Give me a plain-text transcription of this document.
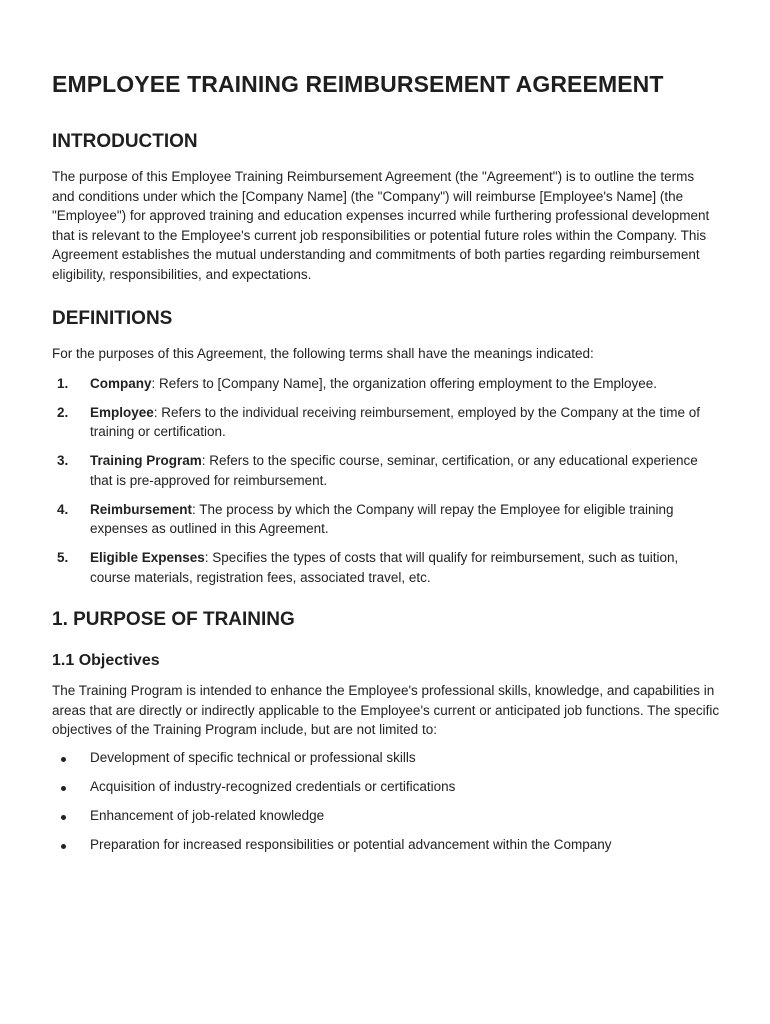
EMPLOYEE TRAINING REIMBURSEMENT AGREEMENT
INTRODUCTION

The purpose of this Employee Training Reimbursement Agreement (the "Agreement") is to outline the terms and conditions under which the [Company Name] (the "Company") will reimburse [Employee's Name] (the "Employee") for approved training and education expenses incurred while furthering professional development that is relevant to the Employee's current job responsibilities or potential future roles within the Company. This Agreement establishes the mutual understanding and commitments of both parties regarding reimbursement eligibility, responsibilities, and expectations.

DEFINITIONS

For the purposes of this Agreement, the following terms shall have the meanings indicated:

1. Company: Refers to [Company Name], the organization offering employment to the Employee.
2. Employee: Refers to the individual receiving reimbursement, employed by the Company at the time of training or certification.
3. Training Program: Refers to the specific course, seminar, certification, or any educational experience that is pre-approved for reimbursement.
4. Reimbursement: The process by which the Company will repay the Employee for eligible training expenses as outlined in this Agreement.
5. Eligible Expenses: Specifies the types of costs that will qualify for reimbursement, such as tuition, course materials, registration fees, associated travel, etc.
1. PURPOSE OF TRAINING
1.1 Objectives

The Training Program is intended to enhance the Employee's professional skills, knowledge, and capabilities in areas that are directly or indirectly applicable to the Employee's current or anticipated job functions. The specific objectives of the Training Program include, but are not limited to:

Development of specific technical or professional skills
Acquisition of industry-recognized credentials or certifications
Enhancement of job-related knowledge
Preparation for increased responsibilities or potential advancement within the Company
